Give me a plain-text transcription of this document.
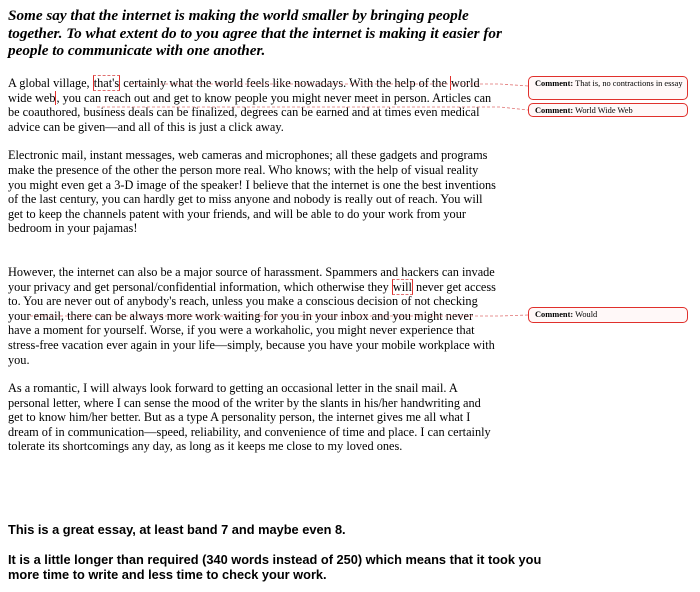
Some say that the internet is making the world smaller by bringing people together. To what extent do to you agree that the internet is making it easier for people to communicate with one another.

A global village, that's certainly what the world feels like nowadays. With the help of the world wide web, you can reach out and get to know people you might never meet in person. Articles can be coauthored, business deals can be finalized, degrees can be earned and at times even medical advice can be given—and all of this is just a click away.

Electronic mail, instant messages, web cameras and microphones; all these gadgets and programs make the presence of the other the person more real. Who knows; with the help of visual reality you might even get a 3-D image of the speaker! I believe that the internet is one the best inventions of the last century, you can hardly get to miss anyone and nobody is really out of reach. You will get to keep the channels patent with your friends, and will be able to do your work from your bedroom in your pajamas!

However, the internet can also be a major source of harassment. Spammers and hackers can invade your privacy and get personal/confidential information, which otherwise they will never get access to. You are never out of anybody's reach, unless you make a conscious decision of not checking your email, there can be always more work waiting for you in your inbox and you might never have a moment for yourself. Worse, if you were a workaholic, you might never experience that stress-free vacation ever again in your life—simply, because you have your mobile workplace with you.

As a romantic, I will always look forward to getting an occasional letter in the snail mail. A personal letter, where I can sense the mood of the writer by the slants in his/her handwriting and get to know him/her better. But as a type A personality person, the internet gives me all what I dream of in communication—speed, reliability, and convenience of time and place. I can certainly tolerate its shortcomings any day, as long as it keeps me close to my loved ones.

Comment: That is, no contractions in essay
Comment: World Wide Web
Comment: Would

This is a great essay, at least band 7 and maybe even 8.

It is a little longer than required (340 words instead of 250) which means that it took you more time to write and less time to check your work.
